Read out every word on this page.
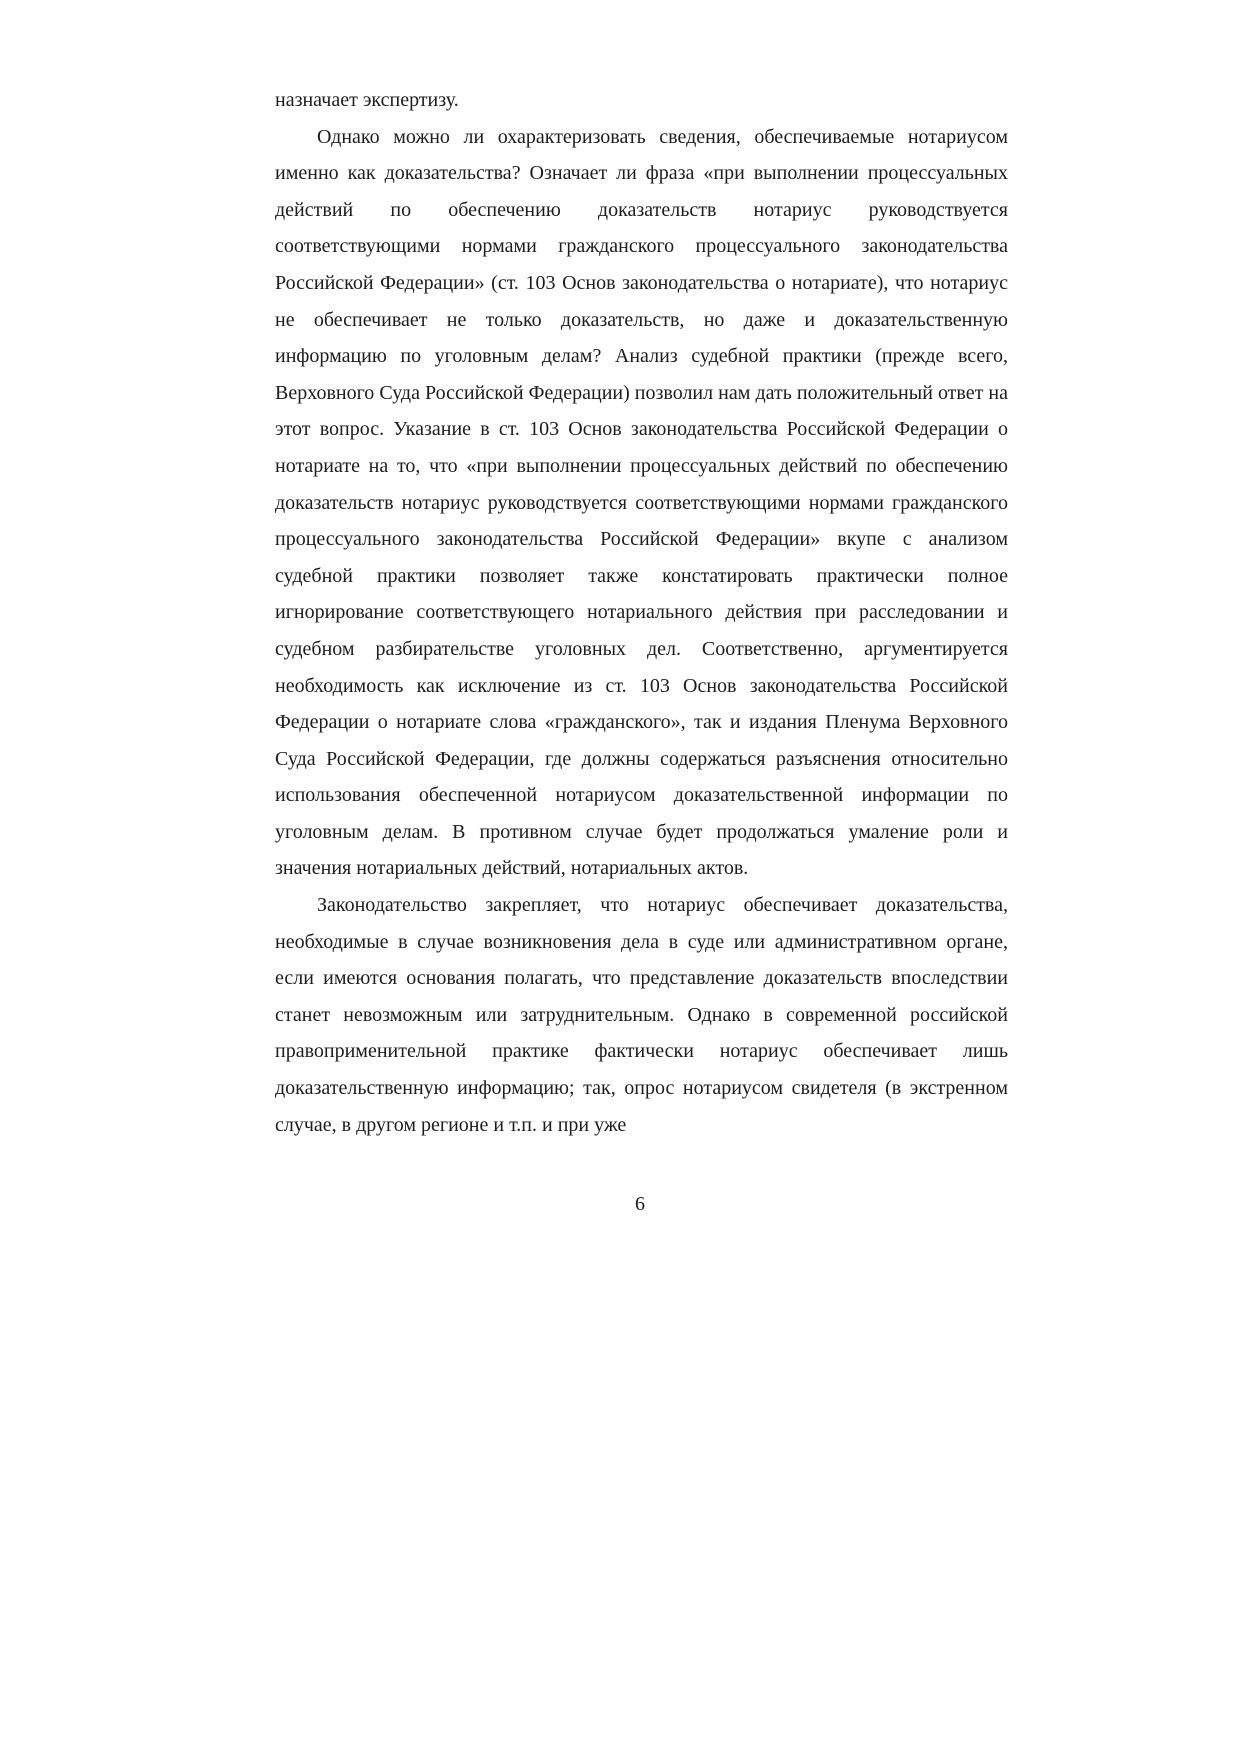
назначает экспертизу.

Однако можно ли охарактеризовать сведения, обеспечиваемые нотариусом именно как доказательства? Означает ли фраза «при выполнении процессуальных действий по обеспечению доказательств нотариус руководствуется соответствующими нормами гражданского процессуального законодательства Российской Федерации» (ст. 103 Основ законодательства о нотариате), что нотариус не обеспечивает не только доказательств, но даже и доказательственную информацию по уголовным делам? Анализ судебной практики (прежде всего, Верховного Суда Российской Федерации) позволил нам дать положительный ответ на этот вопрос. Указание в ст. 103 Основ законодательства Российской Федерации о нотариате на то, что «при выполнении процессуальных действий по обеспечению доказательств нотариус руководствуется соответствующими нормами гражданского процессуального законодательства Российской Федерации» вкупе с анализом судебной практики позволяет также констатировать практически полное игнорирование соответствующего нотариального действия при расследовании и судебном разбирательстве уголовных дел. Соответственно, аргументируется необходимость как исключение из ст. 103 Основ законодательства Российской Федерации о нотариате слова «гражданского», так и издания Пленума Верховного Суда Российской Федерации, где должны содержаться разъяснения относительно использования обеспеченной нотариусом доказательственной информации по уголовным делам. В противном случае будет продолжаться умаление роли и значения нотариальных действий, нотариальных актов.

Законодательство закрепляет, что нотариус обеспечивает доказательства, необходимые в случае возникновения дела в суде или административном органе, если имеются основания полагать, что представление доказательств впоследствии станет невозможным или затруднительным. Однако в современной российской правоприменительной практике фактически нотариус обеспечивает лишь доказательственную информацию; так, опрос нотариусом свидетеля (в экстренном случае, в другом регионе и т.п. и при уже

6
